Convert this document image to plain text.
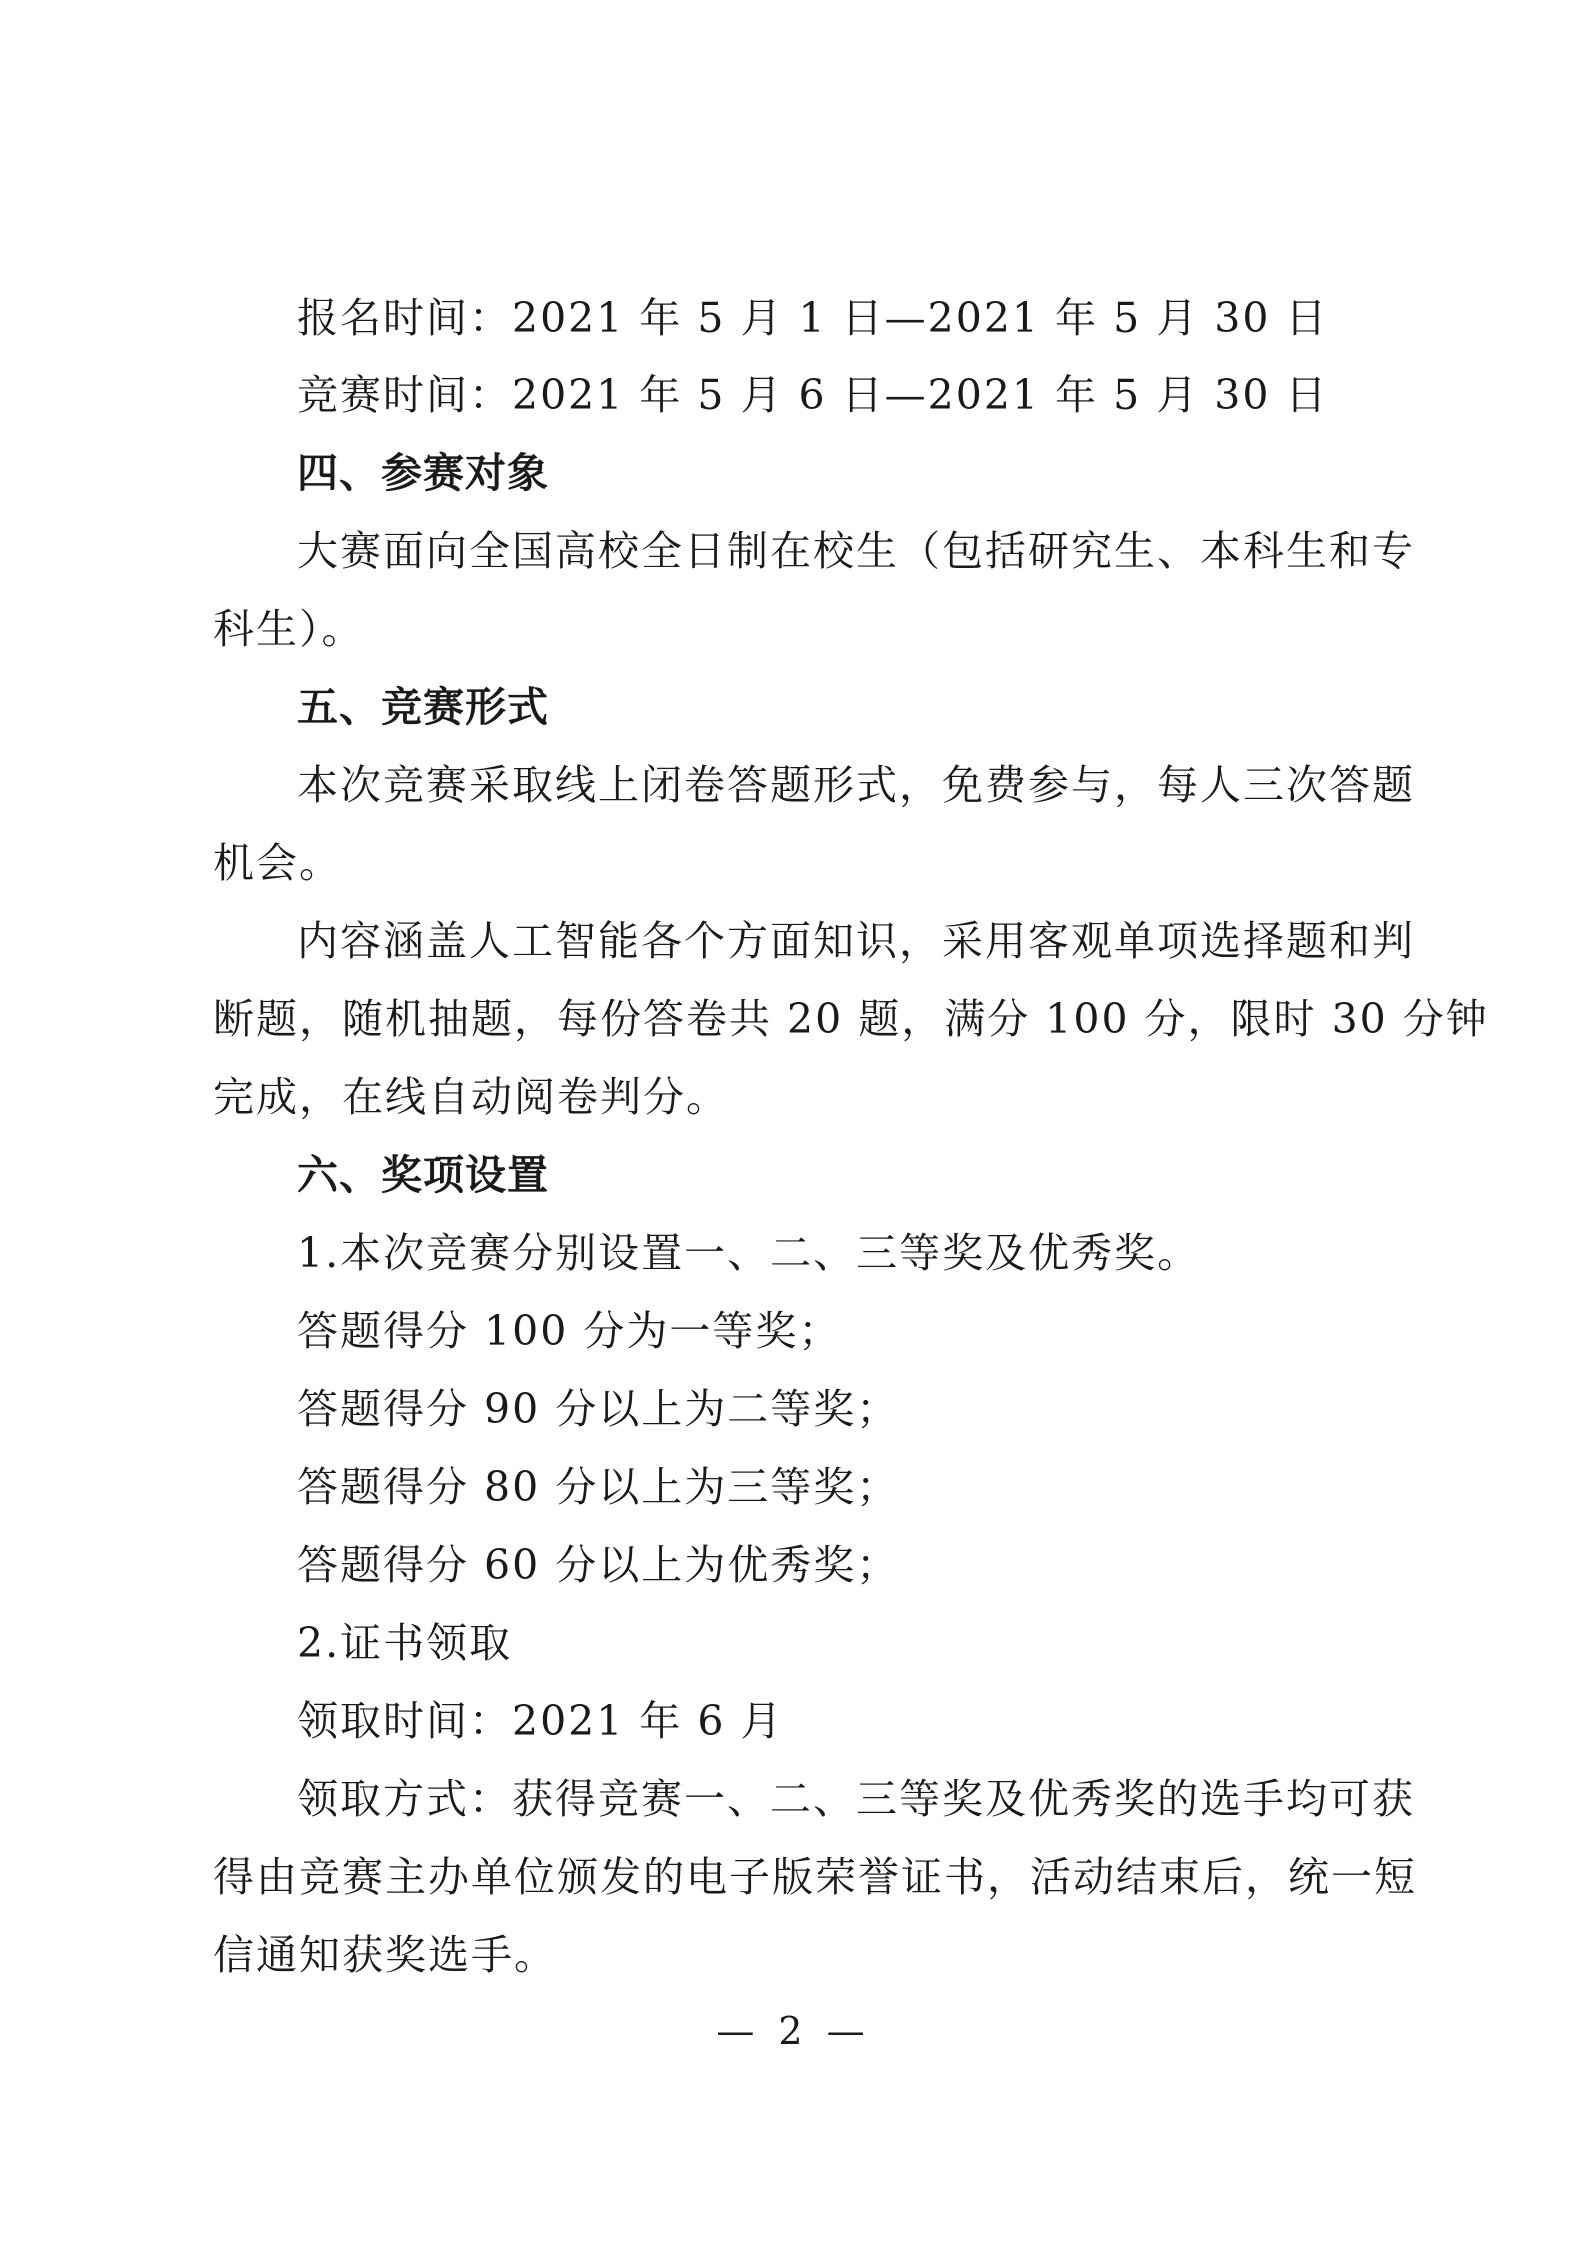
报名时间：2021 年 5 月 1 日—2021 年 5 月 30 日
竞赛时间：2021 年 5 月 6 日—2021 年 5 月 30 日
四、参赛对象
大赛面向全国高校全日制在校生（包括研究生、本科生和专
科生）。
五、竞赛形式
本次竞赛采取线上闭卷答题形式，免费参与，每人三次答题
机会。
内容涵盖人工智能各个方面知识，采用客观单项选择题和判
断题，随机抽题，每份答卷共 20 题，满分 100 分，限时 30 分钟
完成，在线自动阅卷判分。
六、奖项设置
1.本次竞赛分别设置一、二、三等奖及优秀奖。
答题得分 100 分为一等奖；
答题得分 90 分以上为二等奖；
答题得分 80 分以上为三等奖；
答题得分 60 分以上为优秀奖；
2.证书领取
领取时间：2021 年 6 月
领取方式：获得竞赛一、二、三等奖及优秀奖的选手均可获
得由竞赛主办单位颁发的电子版荣誉证书，活动结束后，统一短
信通知获奖选手。
— 2 —
